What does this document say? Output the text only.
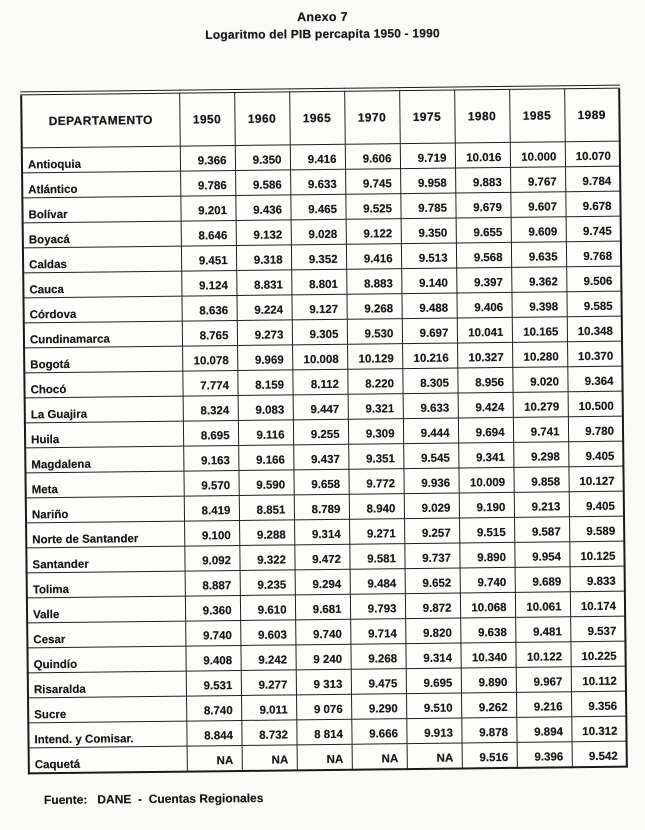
Anexo 7
Logaritmo del PIB percapita 1950 - 1990
DEPARTAMENTO	1950	1960	1965	1970	1975	1980	1985	1989
Antioquia	9.366	9.350	9.416	9.606	9.719	10.016	10.000	10.070
Atlántico	9.786	9.586	9.633	9.745	9.958	9.883	9.767	9.784
Bolívar	9.201	9.436	9.465	9.525	9.785	9.679	9.607	9.678
Boyacá	8.646	9.132	9.028	9.122	9.350	9.655	9.609	9.745
Caldas	9.451	9.318	9.352	9.416	9.513	9.568	9.635	9.768
Cauca	9.124	8.831	8.801	8.883	9.140	9.397	9.362	9.506
Córdova	8.636	9.224	9.127	9.268	9.488	9.406	9.398	9.585
Cundinamarca	8.765	9.273	9.305	9.530	9.697	10.041	10.165	10.348
Bogotá	10.078	9.969	10.008	10.129	10.216	10.327	10.280	10.370
Chocó	7.774	8.159	8.112	8.220	8.305	8.956	9.020	9.364
La Guajira	8.324	9.083	9.447	9.321	9.633	9.424	10.279	10.500
Huila	8.695	9.116	9.255	9.309	9.444	9.694	9.741	9.780
Magdalena	9.163	9.166	9.437	9.351	9.545	9.341	9.298	9.405
Meta	9.570	9.590	9.658	9.772	9.936	10.009	9.858	10.127
Nariño	8.419	8.851	8.789	8.940	9.029	9.190	9.213	9.405
Norte de Santander	9.100	9.288	9.314	9.271	9.257	9.515	9.587	9.589
Santander	9.092	9.322	9.472	9.581	9.737	9.890	9.954	10.125
Tolima	8.887	9.235	9.294	9.484	9.652	9.740	9.689	9.833
Valle	9.360	9.610	9.681	9.793	9.872	10.068	10.061	10.174
Cesar	9.740	9.603	9.740	9.714	9.820	9.638	9.481	9.537
Quindío	9.408	9.242	9 240	9.268	9.314	10.340	10.122	10.225
Risaralda	9.531	9.277	9 313	9.475	9.695	9.890	9.967	10.112
Sucre	8.740	9.011	9 076	9.290	9.510	9.262	9.216	9.356
Intend. y Comisar.	8.844	8.732	8 814	9.666	9.913	9.878	9.894	10.312
Caquetá	NA	NA	NA	NA	NA	9.516	9.396	9.542
Fuente:   DANE  -  Cuentas Regionales
